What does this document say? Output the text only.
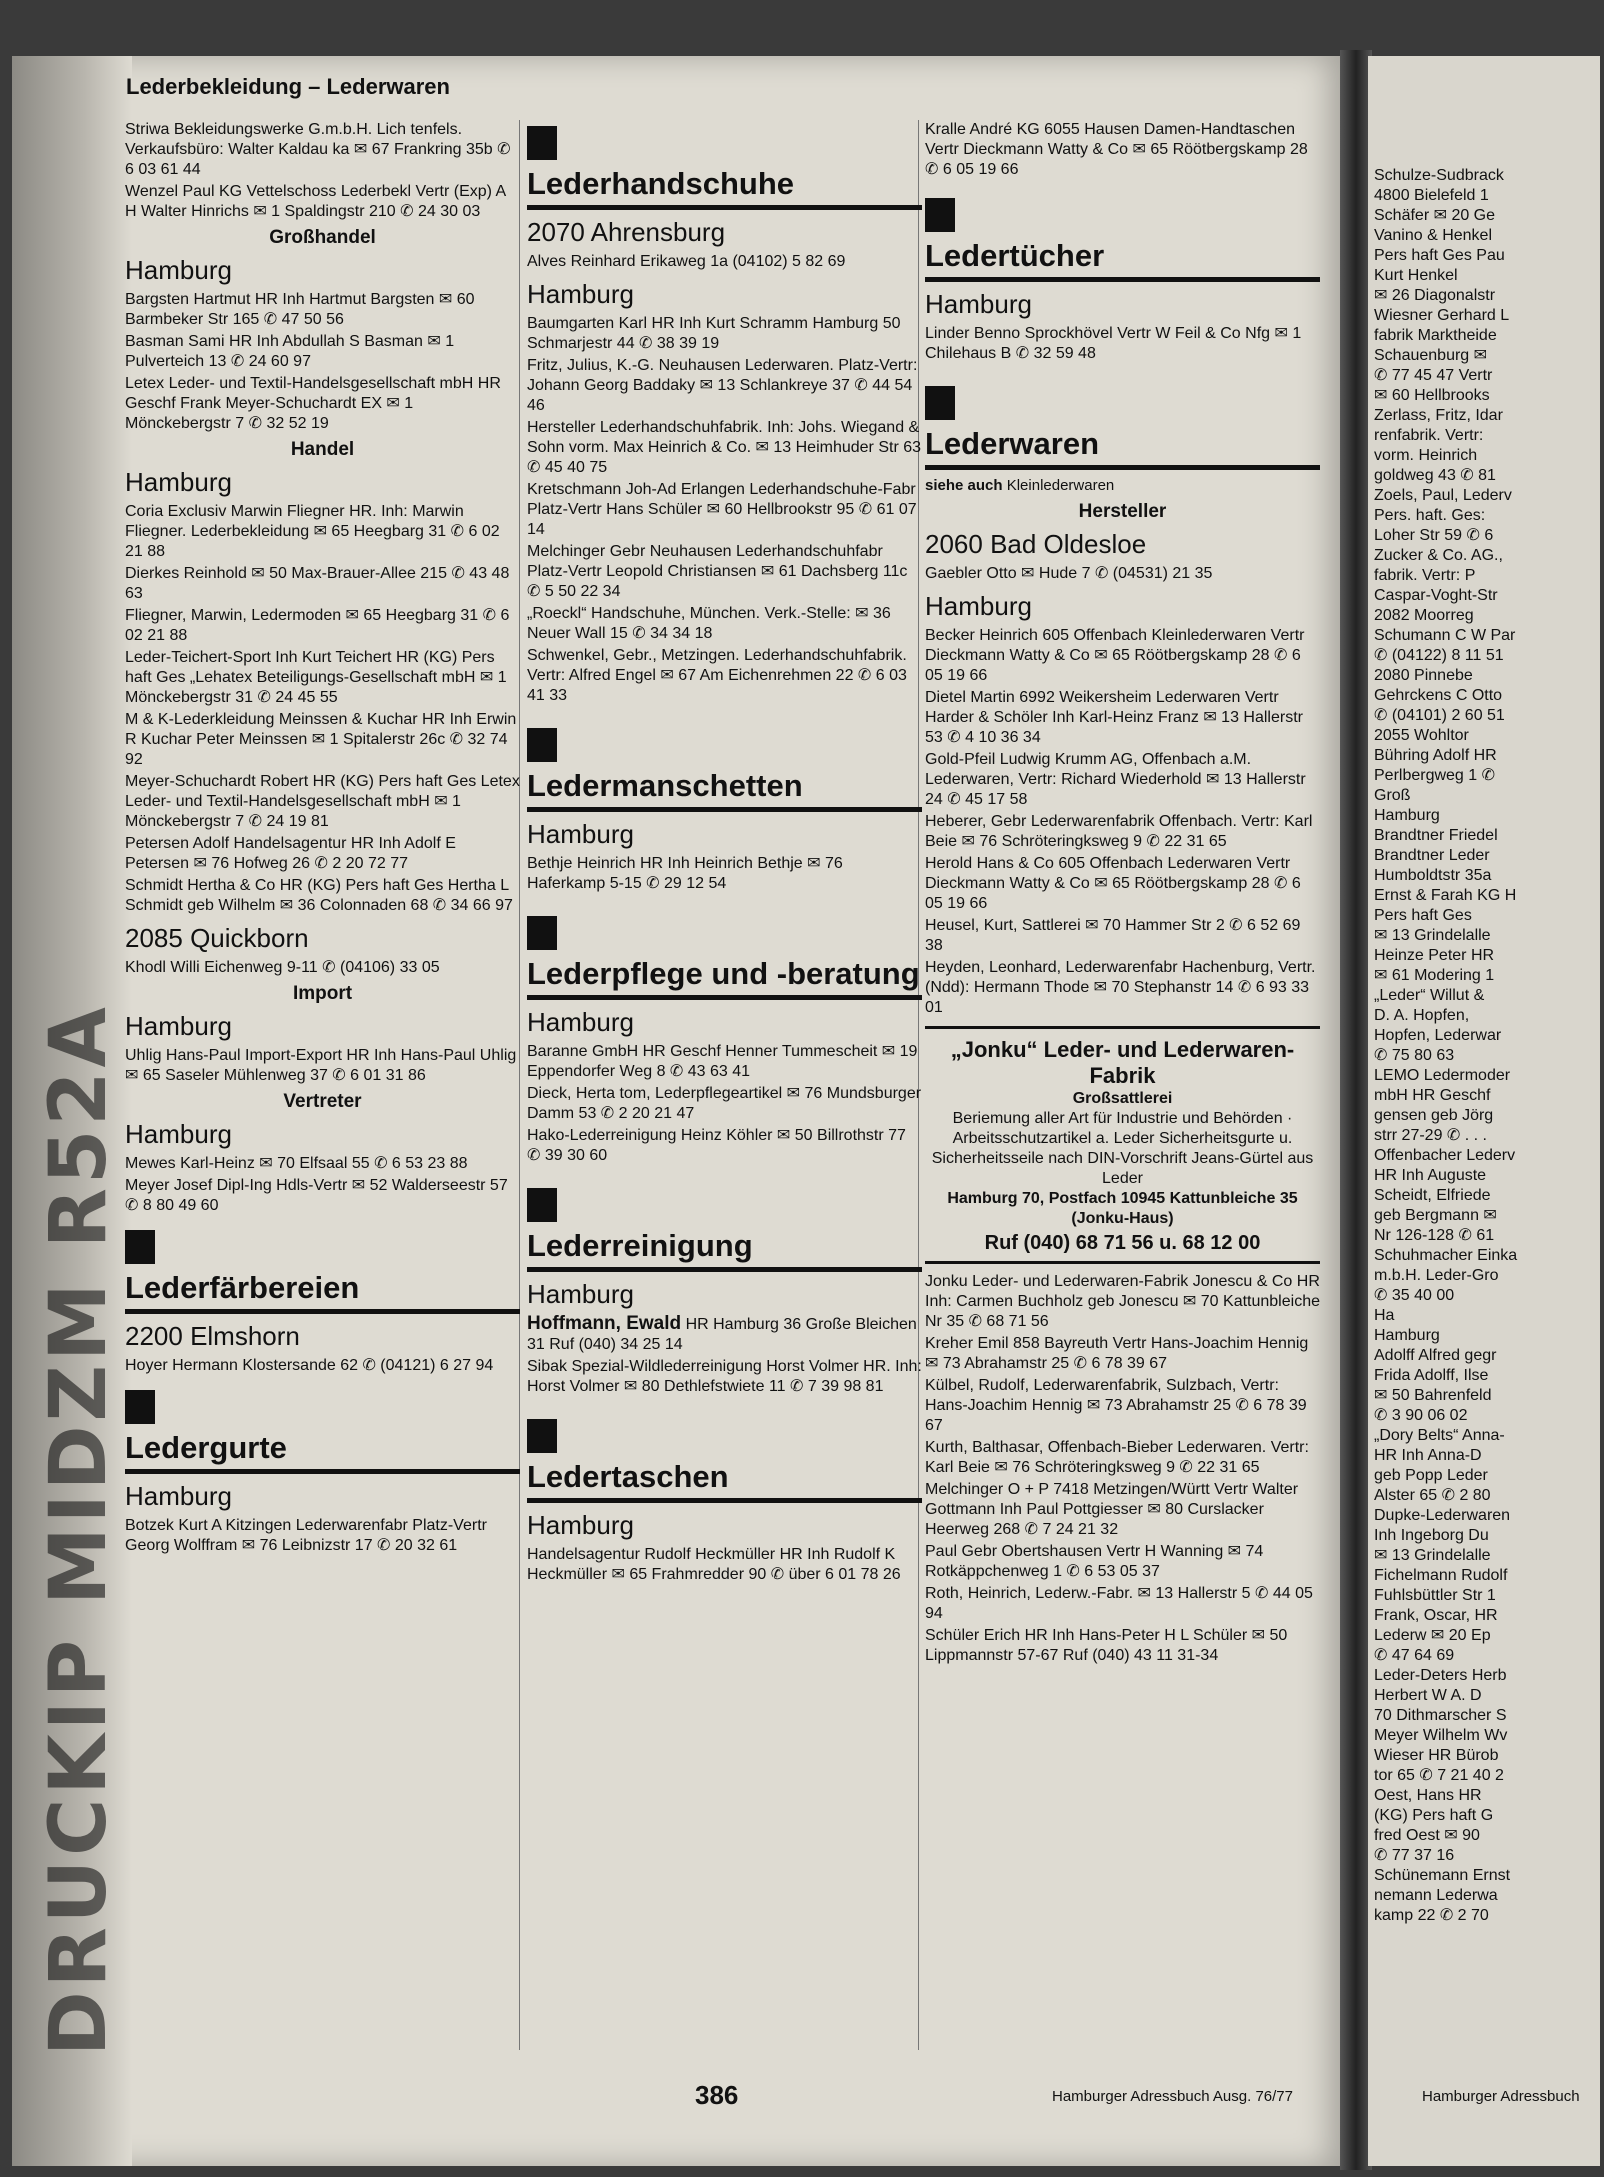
DRUCKIP MIDZM R52A
Schulze-Sudbrack
4800 Bielefeld 1
Schäfer ✉ 20 Ge
Vanino & Henkel
Pers haft Ges Pau
Kurt Henkel
✉ 26 Diagonalstr
Wiesner Gerhard L
fabrik Marktheide
Schauenburg ✉
✆ 77 45 47 Vertr
✉ 60 Hellbrooks
Zerlass, Fritz, Idar
renfabrik. Vertr:
vorm. Heinrich
goldweg 43 ✆ 81
Zoels, Paul, Lederv
Pers. haft. Ges:
Loher Str 59 ✆ 6
Zucker & Co. AG.,
fabrik. Vertr: P
Caspar-Voght-Str
2082 Moorreg
Schumann C W Par
✆ (04122) 8 11 51
2080 Pinnebe
Gehrckens C Otto
✆ (04101) 2 60 51
2055 Wohltor
Bühring Adolf HR
Perlbergweg 1 ✆
Groß
Hamburg
Brandtner Friedel
Brandtner Leder
Humboldtstr 35a
Ernst & Farah KG H
Pers haft Ges
✉ 13 Grindelalle
Heinze Peter HR
✉ 61 Modering 1
„Leder“ Willut &
D. A. Hopfen,
Hopfen, Lederwar
✆ 75 80 63
LEMO Ledermoder
mbH HR Geschf
gensen geb Jörg
strr 27-29 ✆ . . .
Offenbacher Lederv
HR Inh Auguste
Scheidt, Elfriede
geb Bergmann ✉
Nr 126-128 ✆ 61
Schuhmacher Einka
m.b.H. Leder-Gro
✆ 35 40 00
Ha
Hamburg
Adolff Alfred gegr
Frida Adolff, Ilse
✉ 50 Bahrenfeld
✆ 3 90 06 02
„Dory Belts“ Anna-
HR Inh Anna-D
geb Popp Leder
Alster 65 ✆ 2 80
Dupke-Lederwaren
Inh Ingeborg Du
✉ 13 Grindelalle
Fichelmann Rudolf
Fuhlsbüttler Str 1
Frank, Oscar, HR
Lederw ✉ 20 Ep
✆ 47 64 69
Leder-Deters Herb
Herbert W A. D
70 Dithmarscher S
Meyer Wilhelm Wv
Wieser HR Bürob
tor 65 ✆ 7 21 40 2
Oest, Hans HR
(KG) Pers haft G
fred Oest ✉ 90
✆ 77 37 16
Schünemann Ernst
nemann Lederwa
kamp 22 ✆ 2 70
Lederbekleidung – Lederwaren

Striwa Bekleidungswerke G.m.b.H. Lich tenfels. Verkaufsbüro: Walter Kaldau ka ✉ 67 Frankring 35b ✆ 6 03 61 44

Wenzel Paul KG Vettelschoss Lederbekl Vertr (Exp) A H Walter Hinrichs ✉ 1 Spaldingstr 210 ✆ 24 30 03

Großhandel
Hamburg

Bargsten Hartmut HR Inh Hartmut Bargsten ✉ 60 Barmbeker Str 165 ✆ 47 50 56

Basman Sami HR Inh Abdullah S Basman ✉ 1 Pulverteich 13 ✆ 24 60 97

Letex Leder- und Textil-Handelsgesellschaft mbH HR Geschf Frank Meyer-Schuchardt EX ✉ 1 Mönckebergstr 7 ✆ 32 52 19

Handel
Hamburg

Coria Exclusiv Marwin Fliegner HR. Inh: Marwin Fliegner. Lederbekleidung ✉ 65 Heegbarg 31 ✆ 6 02 21 88

Dierkes Reinhold ✉ 50 Max-Brauer-Allee 215 ✆ 43 48 63

Fliegner, Marwin, Ledermoden ✉ 65 Heegbarg 31 ✆ 6 02 21 88

Leder-Teichert-Sport Inh Kurt Teichert HR (KG) Pers haft Ges „Lehatex Beteiligungs-Gesellschaft mbH ✉ 1 Mönckebergstr 31 ✆ 24 45 55

M & K-Lederkleidung Meinssen & Kuchar HR Inh Erwin R Kuchar Peter Meinssen ✉ 1 Spitalerstr 26c ✆ 32 74 92

Meyer-Schuchardt Robert HR (KG) Pers haft Ges Letex Leder- und Textil-Handelsgesellschaft mbH ✉ 1 Mönckebergstr 7 ✆ 24 19 81

Petersen Adolf Handelsagentur HR Inh Adolf E Petersen ✉ 76 Hofweg 26 ✆ 2 20 72 77

Schmidt Hertha & Co HR (KG) Pers haft Ges Hertha L Schmidt geb Wilhelm ✉ 36 Colonnaden 68 ✆ 34 66 97

2085 Quickborn

Khodl Willi Eichenweg 9-11 ✆ (04106) 33 05

Import
Hamburg

Uhlig Hans-Paul Import-Export HR Inh Hans-Paul Uhlig ✉ 65 Saseler Mühlenweg 37 ✆ 6 01 31 86

Vertreter
Hamburg

Mewes Karl-Heinz ✉ 70 Elfsaal 55 ✆ 6 53 23 88

Meyer Josef Dipl-Ing Hdls-Vertr ✉ 52 Walderseestr 57 ✆ 8 80 49 60

Lederfärbereien
2200 Elmshorn

Hoyer Hermann Klostersande 62 ✆ (04121) 6 27 94

Ledergurte
Hamburg

Botzek Kurt A Kitzingen Lederwarenfabr Platz-Vertr Georg Wolffram ✉ 76 Leibnizstr 17 ✆ 20 32 61

Lederhandschuhe
2070 Ahrensburg

Alves Reinhard Erikaweg 1a (04102) 5 82 69

Hamburg

Baumgarten Karl HR Inh Kurt Schramm Hamburg 50 Schmarjestr 44 ✆ 38 39 19

Fritz, Julius, K.-G. Neuhausen Lederwaren. Platz-Vertr: Johann Georg Baddaky ✉ 13 Schlankreye 37 ✆ 44 54 46

Hersteller Lederhandschuhfabrik. Inh: Johs. Wiegand & Sohn vorm. Max Heinrich & Co. ✉ 13 Heimhuder Str 63 ✆ 45 40 75

Kretschmann Joh-Ad Erlangen Lederhandschuhe-Fabr Platz-Vertr Hans Schüler ✉ 60 Hellbrookstr 95 ✆ 61 07 14

Melchinger Gebr Neuhausen Lederhandschuhfabr Platz-Vertr Leopold Christiansen ✉ 61 Dachsberg 11c ✆ 5 50 22 34

„Roeckl“ Handschuhe, München. Verk.-Stelle: ✉ 36 Neuer Wall 15 ✆ 34 34 18

Schwenkel, Gebr., Metzingen. Lederhandschuhfabrik. Vertr: Alfred Engel ✉ 67 Am Eichenrehmen 22 ✆ 6 03 41 33

Ledermanschetten
Hamburg

Bethje Heinrich HR Inh Heinrich Bethje ✉ 76 Haferkamp 5-15 ✆ 29 12 54

Lederpflege und -beratung
Hamburg

Baranne GmbH HR Geschf Henner Tummescheit ✉ 19 Eppendorfer Weg 8 ✆ 43 63 41

Dieck, Herta tom, Lederpflegeartikel ✉ 76 Mundsburger Damm 53 ✆ 2 20 21 47

Hako-Lederreinigung Heinz Köhler ✉ 50 Billrothstr 77 ✆ 39 30 60

Lederreinigung
Hamburg

Hoffmann, Ewald HR Hamburg 36 Große Bleichen 31 Ruf (040) 34 25 14

Sibak Spezial-Wildlederreinigung Horst Volmer HR. Inh: Horst Volmer ✉ 80 Dethlefstwiete 11 ✆ 7 39 98 81

Ledertaschen
Hamburg

Handelsagentur Rudolf Heckmüller HR Inh Rudolf K Heckmüller ✉ 65 Frahmredder 90 ✆ über 6 01 78 26

Kralle André KG 6055 Hausen Damen-Handtaschen Vertr Dieckmann Watty & Co ✉ 65 Röötbergskamp 28 ✆ 6 05 19 66

Ledertücher
Hamburg

Linder Benno Sprockhövel Vertr W Feil & Co Nfg ✉ 1 Chilehaus B ✆ 32 59 48

Lederwaren
siehe auch Kleinlederwaren
Hersteller
2060 Bad Oldesloe

Gaebler Otto ✉ Hude 7 ✆ (04531) 21 35

Hamburg

Becker Heinrich 605 Offenbach Kleinlederwaren Vertr Dieckmann Watty & Co ✉ 65 Röötbergskamp 28 ✆ 6 05 19 66

Dietel Martin 6992 Weikersheim Lederwaren Vertr Harder & Schöler Inh Karl-Heinz Franz ✉ 13 Hallerstr 53 ✆ 4 10 36 34

Gold-Pfeil Ludwig Krumm AG, Offenbach a.M. Lederwaren, Vertr: Richard Wiederhold ✉ 13 Hallerstr 24 ✆ 45 17 58

Heberer, Gebr Lederwarenfabrik Offenbach. Vertr: Karl Beie ✉ 76 Schröteringksweg 9 ✆ 22 31 65

Herold Hans & Co 605 Offenbach Lederwaren Vertr Dieckmann Watty & Co ✉ 65 Röötbergskamp 28 ✆ 6 05 19 66

Heusel, Kurt, Sattlerei ✉ 70 Hammer Str 2 ✆ 6 52 69 38

Heyden, Leonhard, Lederwarenfabr Hachenburg, Vertr. (Ndd): Hermann Thode ✉ 70 Stephanstr 14 ✆ 6 93 33 01

„Jonku“ Leder- und Lederwaren-Fabrik
Großsattlerei
Beriemung aller Art für Industrie und Behörden · Arbeitsschutzartikel a. Leder Sicherheitsgurte u. Sicherheitsseile nach DIN-Vorschrift Jeans-Gürtel aus Leder
Hamburg 70, Postfach 10945 Kattunbleiche 35 (Jonku-Haus)
Ruf (040) 68 71 56 u. 68 12 00

Jonku Leder- und Lederwaren-Fabrik Jonescu & Co HR Inh: Carmen Buchholz geb Jonescu ✉ 70 Kattunbleiche Nr 35 ✆ 68 71 56

Kreher Emil 858 Bayreuth Vertr Hans-Joachim Hennig ✉ 73 Abrahamstr 25 ✆ 6 78 39 67

Külbel, Rudolf, Lederwarenfabrik, Sulzbach, Vertr: Hans-Joachim Hennig ✉ 73 Abrahamstr 25 ✆ 6 78 39 67

Kurth, Balthasar, Offenbach-Bieber Lederwaren. Vertr: Karl Beie ✉ 76 Schröteringksweg 9 ✆ 22 31 65

Melchinger O + P 7418 Metzingen/Württ Vertr Walter Gottmann Inh Paul Pottgiesser ✉ 80 Curslacker Heerweg 268 ✆ 7 24 21 32

Paul Gebr Obertshausen Vertr H Wanning ✉ 74 Rotkäppchenweg 1 ✆ 6 53 05 37

Roth, Heinrich, Lederw.-Fabr. ✉ 13 Hallerstr 5 ✆ 44 05 94

Schüler Erich HR Inh Hans-Peter H L Schüler ✉ 50 Lippmannstr 57-67 Ruf (040) 43 11 31-34

386	Hamburger Adressbuch Ausg. 76/77	Hamburger Adressbuch
